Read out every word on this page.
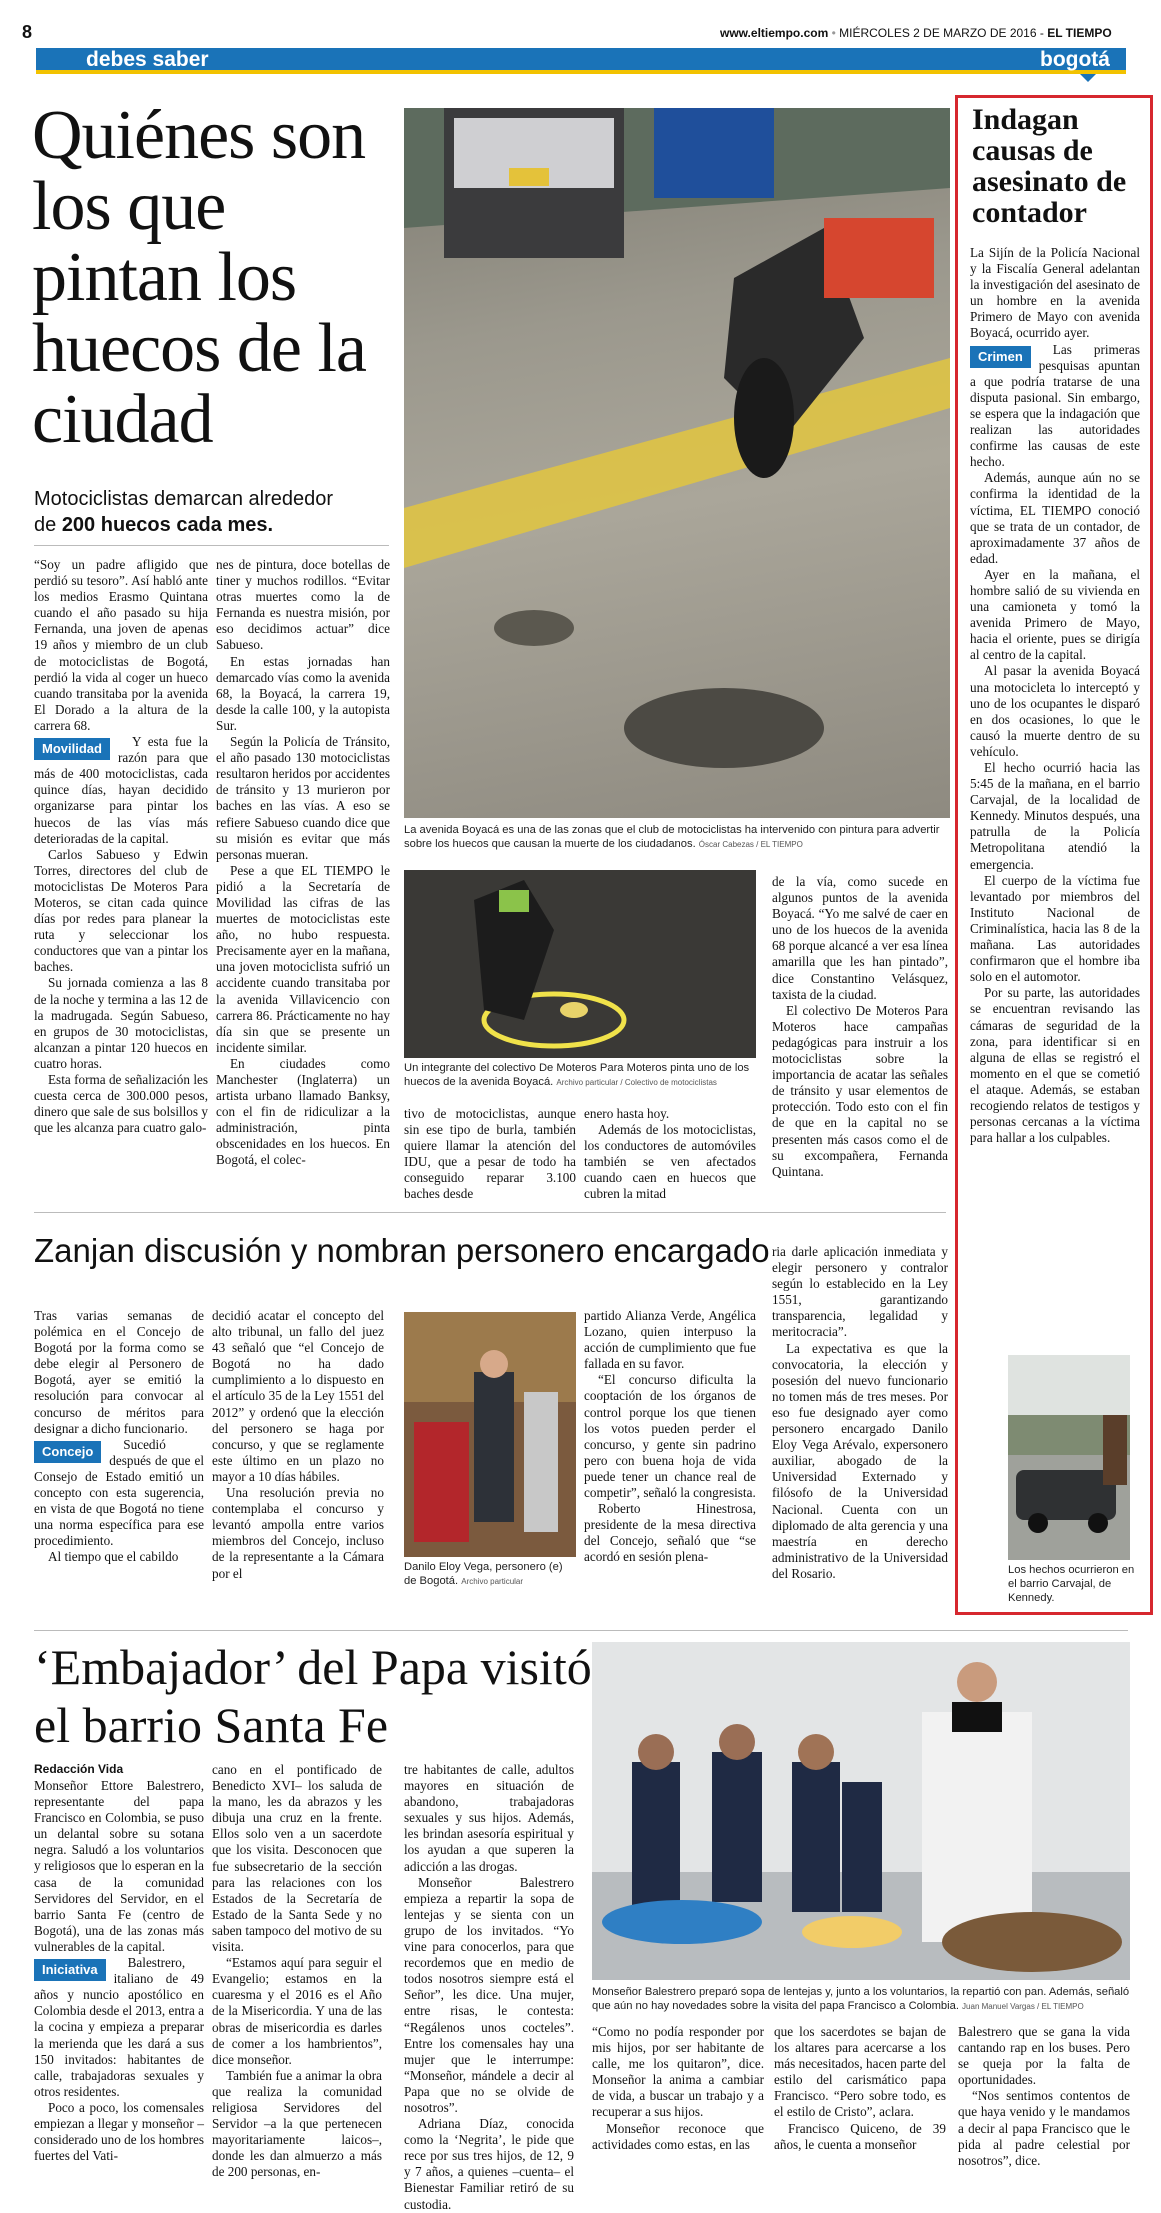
8	www.eltiempo.com • MIÉRCOLES 2 DE MARZO DE 2016 - EL TIEMPO
debes saber	bogotá
Quiénes son los que pintan los huecos de la ciudad
Motociclistas demarcan alrededor
de 200 huecos cada mes.

“Soy un padre afligido que perdió su tesoro”. Así habló ante los medios Erasmo Quintana cuando el año pasado su hija Fernanda, una joven de apenas 19 años y miembro de un club de motociclistas de Bogotá, perdió la vida al coger un hueco cuando transitaba por la avenida El Dorado a la altura de la carrera 68.

Movilidad	Y esta fue la razón para que más de 400 motociclistas, cada quince días, hayan decidido organizarse para pintar los huecos de las vías más deterioradas de la capital.

Carlos Sabueso y Edwin Torres, directores del club de motociclistas De Moteros Para Moteros, se citan cada quince días por redes para planear la ruta y seleccionar los conductores que van a pintar los baches.

Su jornada comienza a las 8 de la noche y termina a las 12 de la madrugada. Según Sabueso, en grupos de 30 motociclistas, alcanzan a pintar 120 huecos en cuatro horas.

Esta forma de señalización les cuesta cerca de 300.000 pesos, dinero que sale de sus bolsillos y que les alcanza para cuatro galo-

nes de pintura, doce botellas de tiner y muchos rodillos. “Evitar otras muertes como la de Fernanda es nuestra misión, por eso decidimos actuar” dice Sabueso.

En estas jornadas han demarcado vías como la avenida 68, la Boyacá, la carrera 19, desde la calle 100, y la autopista Sur.

Según la Policía de Tránsito, el año pasado 130 motociclistas resultaron heridos por accidentes de tránsito y 13 murieron por baches en las vías. A eso se refiere Sabueso cuando dice que su misión es evitar que más personas mueran.

Pese a que EL TIEMPO le pidió a la Secretaría de Movilidad las cifras de las muertes de motociclistas este año, no hubo respuesta. Precisamente ayer en la mañana, una joven motociclista sufrió un accidente cuando transitaba por la avenida Villavicencio con carrera 86. Prácticamente no hay día sin que se presente un incidente similar.

En ciudades como Manchester (Inglaterra) un artista urbano llamado Banksy, con el fin de ridiculizar a la administración, pinta obscenidades en los huecos. En Bogotá, el colec-

La avenida Boyacá es una de las zonas que el club de motociclistas ha intervenido con pintura para advertir sobre los huecos que causan la muerte de los ciudadanos. Óscar Cabezas / EL TIEMPO
Un integrante del colectivo De Moteros Para Moteros pinta uno de los huecos de la avenida Boyacá. Archivo particular / Colectivo de motociclistas

tivo de motociclistas, aunque sin ese tipo de burla, también quiere llamar la atención del IDU, que a pesar de todo ha conseguido reparar 3.100 baches desde

enero hasta hoy.

Además de los motociclistas, los conductores de automóviles también se ven afectados cuando caen en huecos que cubren la mitad

de la vía, como sucede en algunos puntos de la avenida Boyacá. “Yo me salvé de caer en uno de los huecos de la avenida 68 porque alcancé a ver esa línea amarilla que les han pintado”, dice Constantino Velásquez, taxista de la ciudad.

El colectivo De Moteros Para Moteros hace campañas pedagógicas para instruir a los motociclistas sobre la importancia de acatar las señales de tránsito y usar elementos de protección. Todo esto con el fin de que en la capital no se presenten más casos como el de su excompañera, Fernanda Quintana.

Indagan causas de asesinato de contador

La Sijín de la Policía Nacional y la Fiscalía General adelantan la investigación del asesinato de un hombre en la avenida Primero de Mayo con avenida Boyacá, ocurrido ayer.

Crimen	Las primeras pesquisas apuntan a que podría tratarse de una disputa pasional. Sin embargo, se espera que la indagación que realizan las autoridades confirme las causas de este hecho.

Además, aunque aún no se confirma la identidad de la víctima, EL TIEMPO conoció que se trata de un contador, de aproximadamente 37 años de edad.

Ayer en la mañana, el hombre salió de su vivienda en una camioneta y tomó la avenida Primero de Mayo, hacia el oriente, pues se dirigía al centro de la capital.

Al pasar la avenida Boyacá una motocicleta lo interceptó y uno de los ocupantes le disparó en dos ocasiones, lo que le causó la muerte dentro de su vehículo.

El hecho ocurrió hacia las 5:45 de la mañana, en el barrio Carvajal, de la localidad de Kennedy. Minutos después, una patrulla de la Policía Metropolitana atendió la emergencia.

El cuerpo de la víctima fue levantado por miembros del Instituto Nacional de Criminalística, hacia las 8 de la mañana. Las autoridades confirmaron que el hombre iba solo en el automotor.

Por su parte, las autoridades se encuentran revisando las cámaras de seguridad de la zona, para identificar si en alguna de ellas se registró el momento en el que se cometió el ataque. Además, se estaban recogiendo relatos de testigos y personas cercanas a la víctima para hallar a los culpables.

Los hechos ocurrieron en el barrio Carvajal, de Kennedy.
Zanjan discusión y nombran personero encargado

Tras varias semanas de polémica en el Concejo de Bogotá por la forma como se debe elegir al Personero de Bogotá, ayer se emitió la resolución para convocar al concurso de méritos para designar a dicho funcionario.

Concejo	Sucedió después de que el Consejo de Estado emitió un concepto con esta sugerencia, en vista de que Bogotá no tiene una norma específica para ese procedimiento.

Al tiempo que el cabildo

decidió acatar el concepto del alto tribunal, un fallo del juez 43 señaló que “el Concejo de Bogotá no ha dado cumplimiento a lo dispuesto en el artículo 35 de la Ley 1551 del 2012” y ordenó que la elección del personero se haga por concurso, y que se reglamente este último en un plazo no mayor a 10 días hábiles.

Una resolución previa no contemplaba el concurso y levantó ampolla entre varios miembros del Concejo, incluso de la representante a la Cámara por el	Danilo Eloy Vega, personero (e) de Bogotá. Archivo particular

partido Alianza Verde, Angélica Lozano, quien interpuso la acción de cumplimiento que fue fallada en su favor.

“El concurso dificulta la cooptación de los órganos de control porque los que tienen los votos pueden perder el concurso, y gente sin padrino pero con buena hoja de vida puede tener un chance real de competir”, señaló la congresista.

Roberto Hinestrosa, presidente de la mesa directiva del Concejo, señaló que “se acordó en sesión plena-

ria darle aplicación inmediata y elegir personero y contralor según lo establecido en la Ley 1551, garantizando transparencia, legalidad y meritocracia”.

La expectativa es que la convocatoria, la elección y posesión del nuevo funcionario no tomen más de tres meses. Por eso fue designado ayer como personero encargado Danilo Eloy Vega Arévalo, expersonero auxiliar, abogado de la Universidad Externado y filósofo de la Universidad Nacional. Cuenta con un diplomado de alta gerencia y una maestría en derecho administrativo de la Universidad del Rosario.

‘Embajador’ del Papa visitó el barrio Santa Fe
Redacción Vida

Monseñor Ettore Balestrero, representante del papa Francisco en Colombia, se puso un delantal sobre su sotana negra. Saludó a los voluntarios y religiosos que lo esperan en la casa de la comunidad Servidores del Servidor, en el barrio Santa Fe (centro de Bogotá), una de las zonas más vulnerables de la capital.

Iniciativa	Balestrero, italiano de 49 años y nuncio apostólico en Colombia desde el 2013, entra a la cocina y empieza a preparar la merienda que les dará a sus 150 invitados: habitantes de calle, trabajadoras sexuales y otros residentes.

Poco a poco, los comensales empiezan a llegar y monseñor –considerado uno de los hombres fuertes del Vati-

cano en el pontificado de Benedicto XVI– los saluda de la mano, les da abrazos y les dibuja una cruz en la frente. Ellos solo ven a un sacerdote que los visita. Desconocen que fue subsecretario de la sección para las relaciones con los Estados de la Secretaría de Estado de la Santa Sede y no saben tampoco del motivo de su visita.

“Estamos aquí para seguir el Evangelio; estamos en la cuaresma y el 2016 es el Año de la Misericordia. Y una de las obras de misericordia es darles de comer a los hambrientos”, dice monseñor.

También fue a animar la obra que realiza la comunidad religiosa Servidores del Servidor –a la que pertenecen mayoritariamente laicos–, donde les dan almuerzo a más de 200 personas, en-

tre habitantes de calle, adultos mayores en situación de abandono, trabajadoras sexuales y sus hijos. Además, les brindan asesoría espiritual y los ayudan a que superen la adicción a las drogas.

Monseñor Balestrero empieza a repartir la sopa de lentejas y se sienta con un grupo de los invitados. “Yo vine para conocerlos, para que recordemos que en medio de todos nosotros siempre está el Señor”, les dice. Una mujer, entre risas, le contesta: “Regálenos unos cocteles”. Entre los comensales hay una mujer que le interrumpe: “Monseñor, mándele a decir al Papa que no se olvide de nosotros”.

Adriana Díaz, conocida como la ‘Negrita’, le pide que rece por sus tres hijos, de 12, 9 y 7 años, a quienes –cuenta– el Bienestar Familiar retiró de su custodia.

Monseñor Balestrero preparó sopa de lentejas y, junto a los voluntarios, la repartió con pan. Además, señaló que aún no hay novedades sobre la visita del papa Francisco a Colombia. Juan Manuel Vargas / EL TIEMPO

“Como no podía responder por mis hijos, por ser habitante de calle, me los quitaron”, dice. Monseñor la anima a cambiar de vida, a buscar un trabajo y a recuperar a sus hijos.

Monseñor reconoce que actividades como estas, en las

que los sacerdotes se bajan de los altares para acercarse a los más necesitados, hacen parte del estilo del carismático papa Francisco. “Pero sobre todo, es el estilo de Cristo”, aclara.

Francisco Quiceno, de 39 años, le cuenta a monseñor

Balestrero que se gana la vida cantando rap en los buses. Pero se queja por la falta de oportunidades.

“Nos sentimos contentos de que haya venido y le mandamos a decir al papa Francisco que le pida al padre celestial por nosotros”, dice.
